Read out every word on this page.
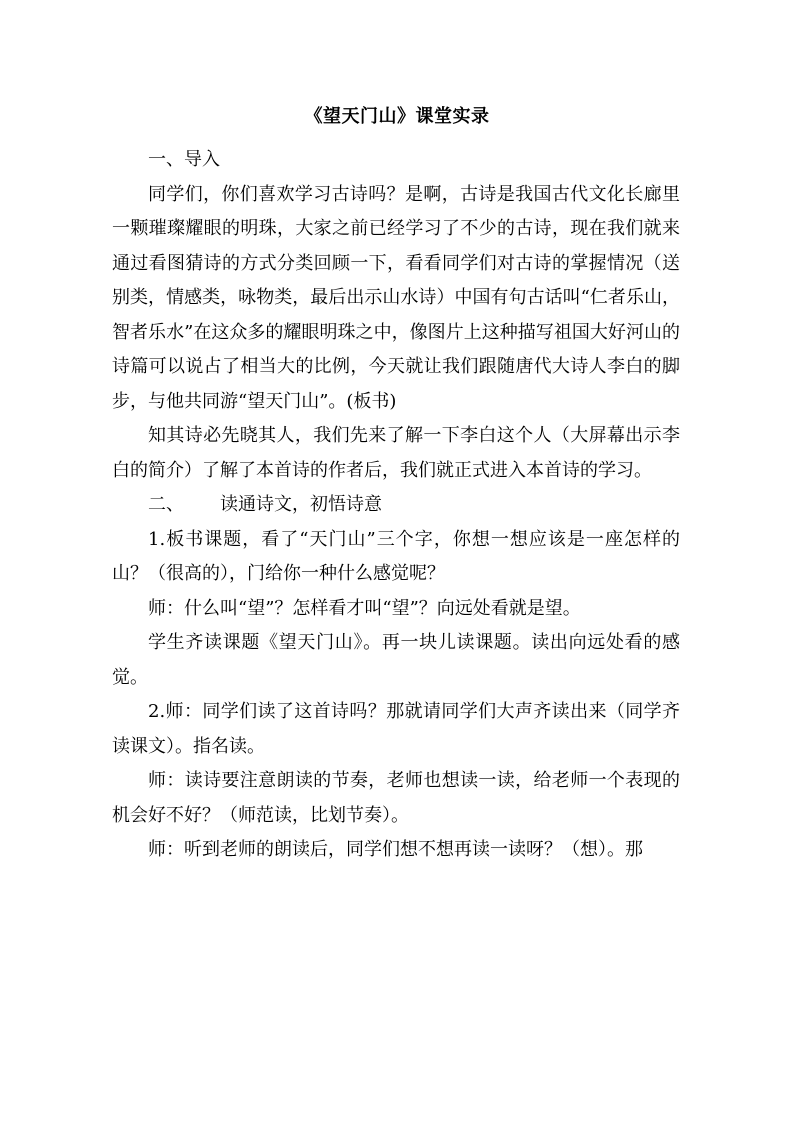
《望天门山》课堂实录

一、导入

同学们，你们喜欢学习古诗吗？是啊，古诗是我国古代文化长廊里一颗璀璨耀眼的明珠，大家之前已经学习了不少的古诗，现在我们就来通过看图猜诗的方式分类回顾一下，看看同学们对古诗的掌握情况（送别类，情感类，咏物类，最后出示山水诗）中国有句古话叫“仁者乐山，智者乐水”在这众多的耀眼明珠之中，像图片上这种描写祖国大好河山的诗篇可以说占了相当大的比例，今天就让我们跟随唐代大诗人李白的脚步，与他共同游“望天门山”。(板书)

知其诗必先晓其人，我们先来了解一下李白这个人（大屏幕出示李白的简介）了解了本首诗的作者后，我们就正式进入本首诗的学习。

二、 读通诗文，初悟诗意

1.板书课题，看了“天门山”三个字，你想一想应该是一座怎样的山？（很高的），门给你一种什么感觉呢？

师：什么叫“望”？怎样看才叫“望”？向远处看就是望。

学生齐读课题《望天门山》。再一块儿读课题。读出向远处看的感觉。

2.师：同学们读了这首诗吗？那就请同学们大声齐读出来（同学齐读课文）。指名读。

师：读诗要注意朗读的节奏，老师也想读一读，给老师一个表现的机会好不好？（师范读，比划节奏）。

师：听到老师的朗读后，同学们想不想再读一读呀？（想）。那
